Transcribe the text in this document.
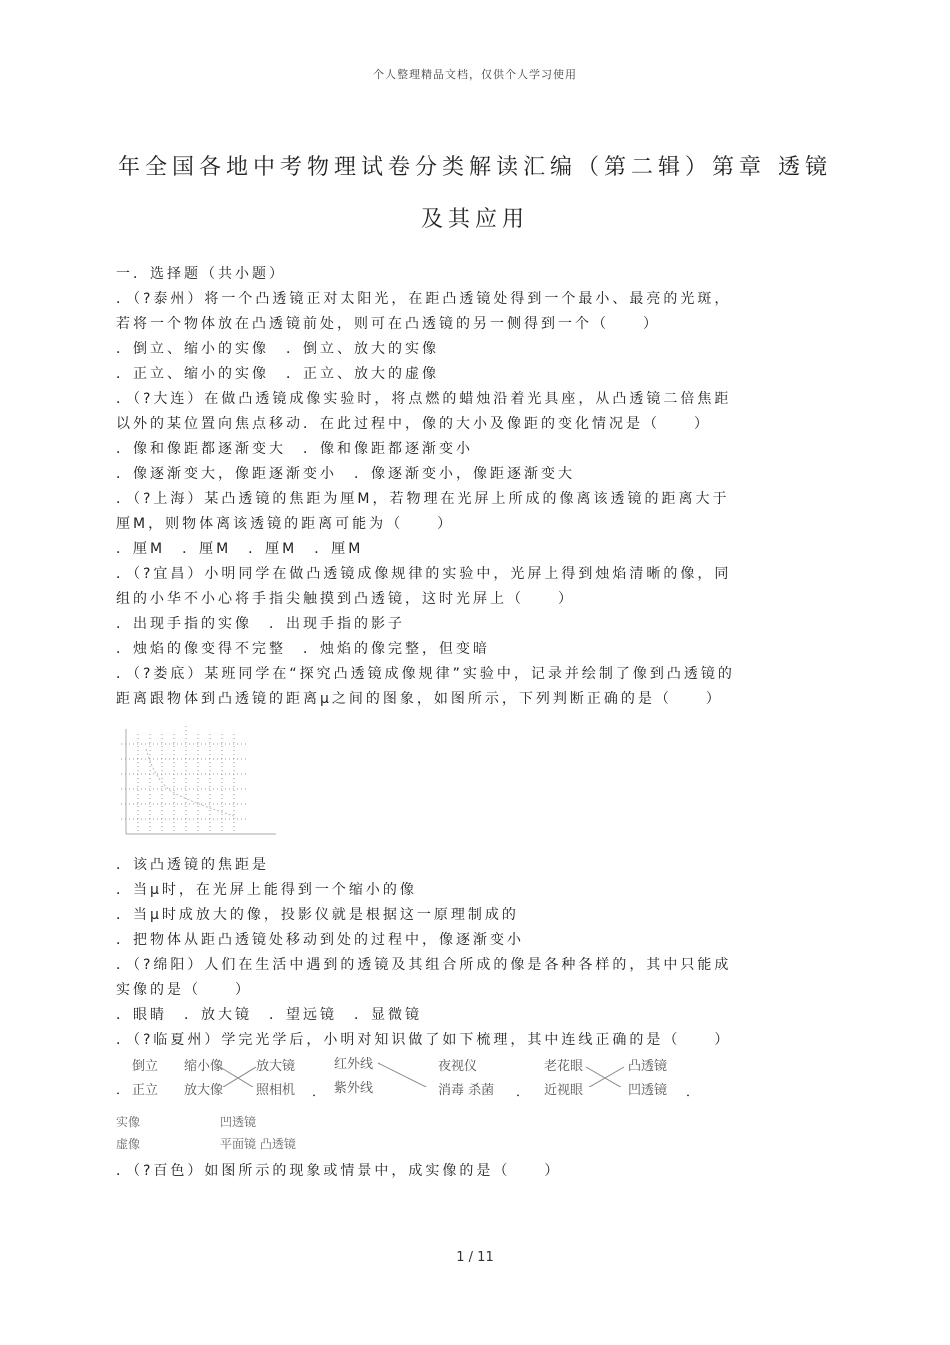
个人整理精品文档，仅供个人学习使用
年全国各地中考物理试卷分类解读汇编（第二辑）第章 透镜
及其应用
一．选择题（共小题）
．（?泰州）将一个凸透镜正对太阳光，在距凸透镜处得到一个最小、最亮的光斑，
若将一个物体放在凸透镜前处，则可在凸透镜的另一侧得到一个（　　）
．倒立、缩小的实像　．倒立、放大的实像
．正立、缩小的实像　．正立、放大的虚像
．（?大连）在做凸透镜成像实验时，将点燃的蜡烛沿着光具座，从凸透镜二倍焦距
以外的某位置向焦点移动．在此过程中，像的大小及像距的变化情况是（　　）
．像和像距都逐渐变大　．像和像距都逐渐变小
．像逐渐变大，像距逐渐变小　．像逐渐变小，像距逐渐变大
．（?上海）某凸透镜的焦距为厘M，若物理在光屏上所成的像离该透镜的距离大于
厘M，则物体离该透镜的距离可能为（　　）
．厘M　．厘M　．厘M　．厘M
．（?宜昌）小明同学在做凸透镜成像规律的实验中，光屏上得到烛焰清晰的像，同
组的小华不小心将手指尖触摸到凸透镜，这时光屏上（　　）
．出现手指的实像　．出现手指的影子
．烛焰的像变得不完整　．烛焰的像完整，但变暗
．（?娄底）某班同学在“探究凸透镜成像规律”实验中，记录并绘制了像到凸透镜的
距离跟物体到凸透镜的距离μ之间的图象，如图所示，下列判断正确的是（　　）
．该凸透镜的焦距是
．当μ时，在光屏上能得到一个缩小的像
．当μ时成放大的像，投影仪就是根据这一原理制成的
．把物体从距凸透镜处移动到处的过程中，像逐渐变小
．（?绵阳）人们在生活中遇到的透镜及其组合所成的像是各种各样的，其中只能成
实像的是（　　）
．眼睛　．放大镜　．望远镜　．显微镜
．（?临夏州）学完光学后，小明对知识做了如下梳理，其中连线正确的是（　　）
倒立 缩小像	放大镜	红外线	夜视仪	老花眼	凸透镜
． 正立 放大像	照相机 ． 紫外线	消毒 杀菌 ． 近视眼	凹透镜 ．
实像	凹透镜
虚像	平面镜 凸透镜
．（?百色）如图所示的现象或情景中，成实像的是（　　）
1 / 11
